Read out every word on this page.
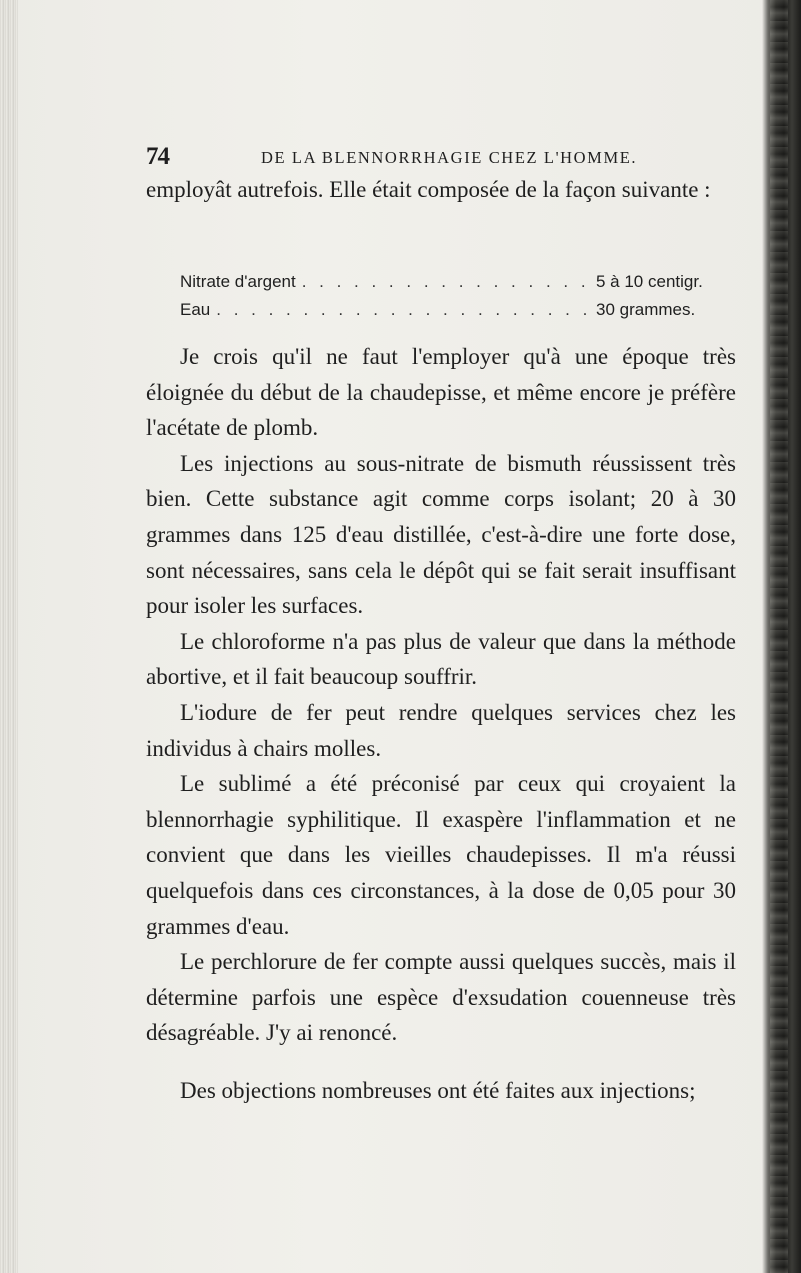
74	DE LA BLENNORRHAGIE CHEZ L'HOMME.

employât autrefois. Elle était composée de la façon suivante :

Nitrate d'argent . . .	5 à 10 centigr.
Eau . . .	30 grammes.

Je crois qu'il ne faut l'employer qu'à une époque très éloignée du début de la chaudepisse, et même encore je préfère l'acétate de plomb.

Les injections au sous-nitrate de bismuth réussissent très bien. Cette substance agit comme corps isolant; 20 à 30 grammes dans 125 d'eau distillée, c'est-à-dire une forte dose, sont nécessaires, sans cela le dépôt qui se fait serait insuffisant pour isoler les surfaces.

Le chloroforme n'a pas plus de valeur que dans la méthode abortive, et il fait beaucoup souffrir.

L'iodure de fer peut rendre quelques services chez les individus à chairs molles.

Le sublimé a été préconisé par ceux qui croyaient la blennorrhagie syphilitique. Il exaspère l'inflammation et ne convient que dans les vieilles chaudepisses. Il m'a réussi quelquefois dans ces circonstances, à la dose de 0,05 pour 30 grammes d'eau.

Le perchlorure de fer compte aussi quelques succès, mais il détermine parfois une espèce d'exsudation couenneuse très désagréable. J'y ai renoncé.

Des objections nombreuses ont été faites aux injections;
